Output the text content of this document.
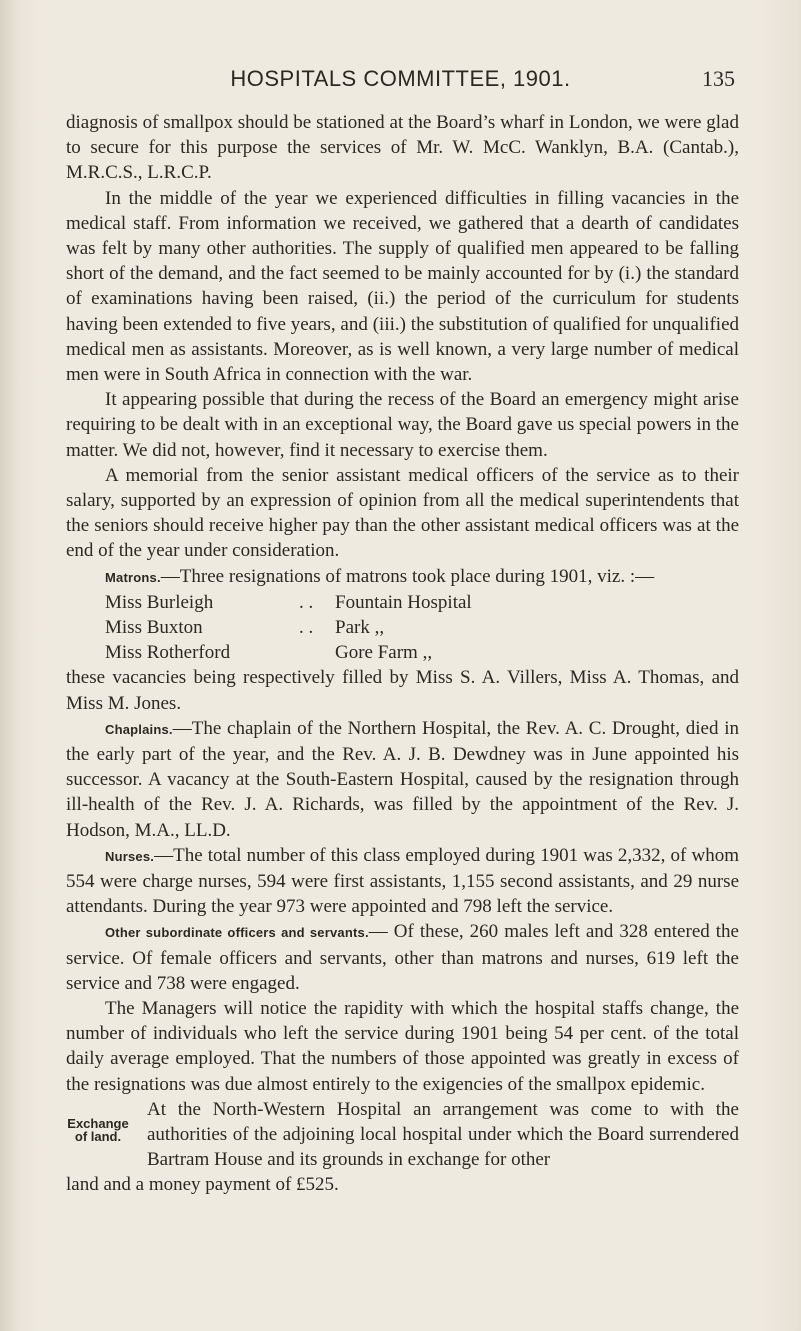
HOSPITALS COMMITTEE, 1901.	135

diagnosis of smallpox should be stationed at the Board’s wharf in London, we were glad to secure for this purpose the services of Mr. W. McC. Wanklyn, B.A. (Cantab.), M.R.C.S., L.R.C.P.

In the middle of the year we experienced difficulties in filling vacancies in the medical staff. From information we received, we gathered that a dearth of candidates was felt by many other authorities. The supply of qualified men appeared to be falling short of the demand, and the fact seemed to be mainly accounted for by (i.) the standard of examinations having been raised, (ii.) the period of the curriculum for students having been extended to five years, and (iii.) the substitution of qualified for unqualified medical men as assistants. Moreover, as is well known, a very large number of medical men were in South Africa in connection with the war.

It appearing possible that during the recess of the Board an emergency might arise requiring to be dealt with in an exceptional way, the Board gave us special powers in the matter. We did not, however, find it necessary to exercise them.

A memorial from the senior assistant medical officers of the service as to their salary, supported by an expression of opinion from all the medical superintendents that the seniors should receive higher pay than the other assistant medical officers was at the end of the year under consideration.

Matrons.—Three resignations of matrons took place during 1901, viz. :—

Miss Burleigh	. .	Fountain Hospital
Miss Buxton	. .	Park ,,
Miss Rotherford	Gore Farm ,,

these vacancies being respectively filled by Miss S. A. Villers, Miss A. Thomas, and Miss M. Jones.

Chaplains.—The chaplain of the Northern Hospital, the Rev. A. C. Drought, died in the early part of the year, and the Rev. A. J. B. Dewdney was in June appointed his successor. A vacancy at the South-Eastern Hospital, caused by the resignation through ill-health of the Rev. J. A. Richards, was filled by the appointment of the Rev. J. Hodson, M.A., LL.D.

Nurses.—The total number of this class employed during 1901 was 2,332, of whom 554 were charge nurses, 594 were first assistants, 1,155 second assistants, and 29 nurse attendants. During the year 973 were appointed and 798 left the service.

Other subordinate officers and servants.— Of these, 260 males left and 328 entered the service. Of female officers and servants, other than matrons and nurses, 619 left the service and 738 were engaged.

The Managers will notice the rapidity with which the hospital staffs change, the number of individuals who left the service during 1901 being 54 per cent. of the total daily average employed. That the numbers of those appointed was greatly in excess of the resignations was due almost entirely to the exigencies of the smallpox epidemic.

Exchange
of land.

At the North-Western Hospital an arrangement was come to with the authorities of the adjoining local hospital under which the Board surrendered Bartram House and its grounds in exchange for other

land and a money payment of £525.
